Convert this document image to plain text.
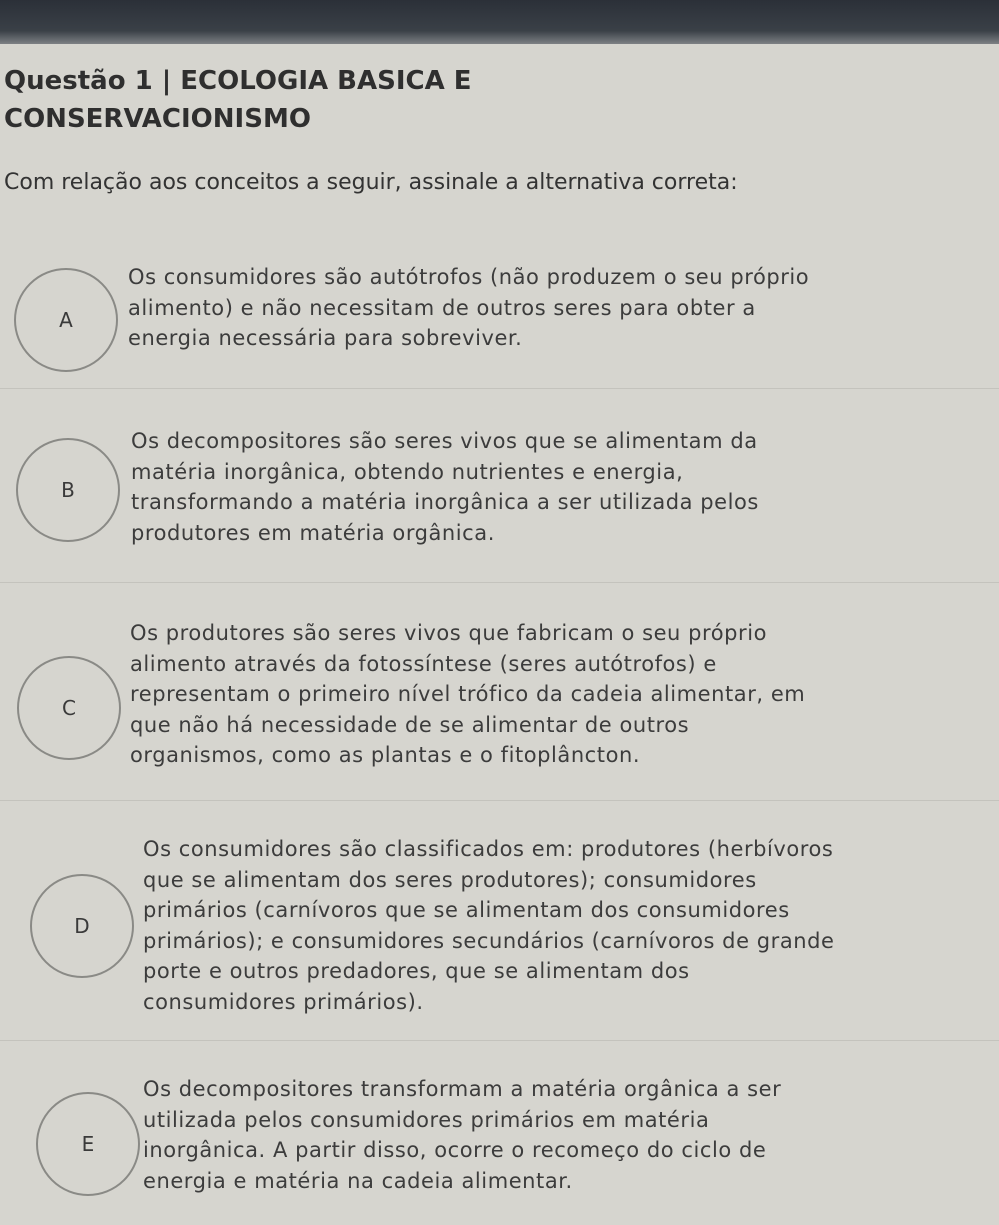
Questão 1 | ECOLOGIA BASICA E CONSERVACIONISMO

Com relação aos conceitos a seguir, assinale a alternativa correta:

A

Os consumidores são autótrofos (não produzem o seu próprio
alimento) e não necessitam de outros seres para obter a
energia necessária para sobreviver.

B

Os decompositores são seres vivos que se alimentam da
matéria inorgânica, obtendo nutrientes e energia,
transformando a matéria inorgânica a ser utilizada pelos
produtores em matéria orgânica.

C

Os produtores são seres vivos que fabricam o seu próprio
alimento através da fotossíntese (seres autótrofos) e
representam o primeiro nível trófico da cadeia alimentar, em
que não há necessidade de se alimentar de outros
organismos, como as plantas e o fitoplâncton.

D

Os consumidores são classificados em: produtores (herbívoros
que se alimentam dos seres produtores); consumidores
primários (carnívoros que se alimentam dos consumidores
primários); e consumidores secundários (carnívoros de grande
porte e outros predadores, que se alimentam dos
consumidores primários).

E

Os decompositores transformam a matéria orgânica a ser
utilizada pelos consumidores primários em matéria
inorgânica. A partir disso, ocorre o recomeço do ciclo de
energia e matéria na cadeia alimentar.
